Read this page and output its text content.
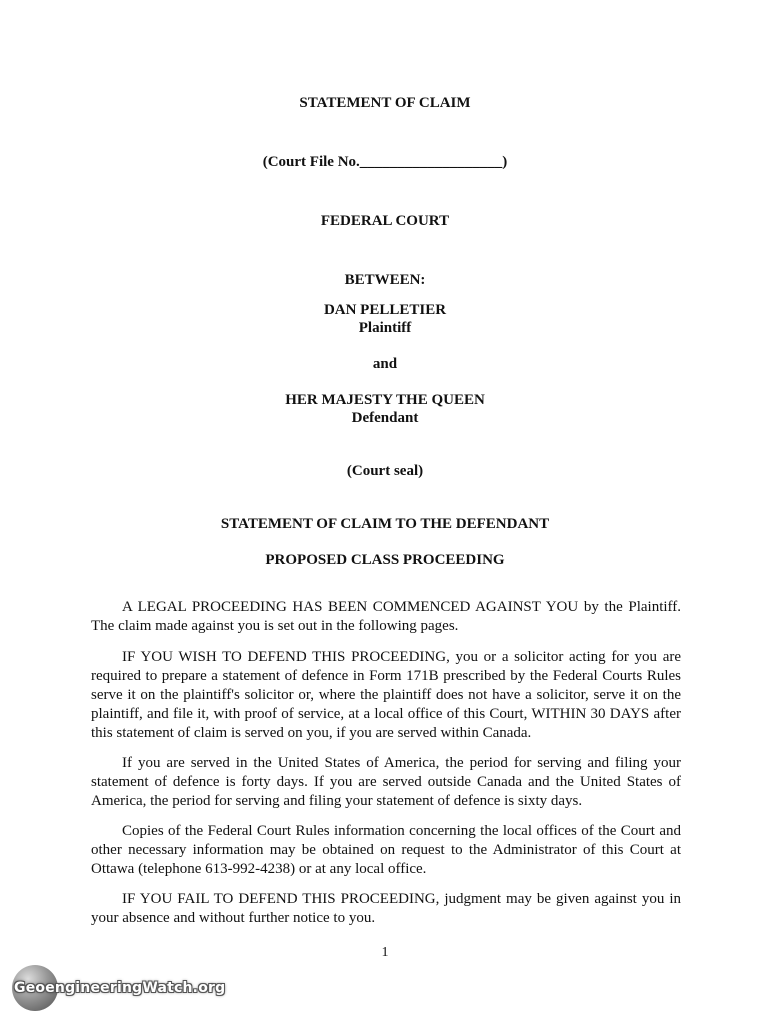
STATEMENT OF CLAIM
(Court File No.___________________)
FEDERAL COURT
BETWEEN:
DAN PELLETIER
Plaintiff
and
HER MAJESTY THE QUEEN
Defendant
(Court seal)
STATEMENT OF CLAIM TO THE DEFENDANT
PROPOSED CLASS PROCEEDING
A LEGAL PROCEEDING HAS BEEN COMMENCED AGAINST YOU by the Plaintiff. The claim made against you is set out in the following pages.
IF YOU WISH TO DEFEND THIS PROCEEDING, you or a solicitor acting for you are required to prepare a statement of defence in Form 171B prescribed by the Federal Courts Rules serve it on the plaintiff's solicitor or, where the plaintiff does not have a solicitor, serve it on the plaintiff, and file it, with proof of service, at a local office of this Court, WITHIN 30 DAYS after this statement of claim is served on you, if you are served within Canada.
If you are served in the United States of America, the period for serving and filing your statement of defence is forty days. If you are served outside Canada and the United States of America, the period for serving and filing your statement of defence is sixty days.
Copies of the Federal Court Rules information concerning the local offices of the Court and other necessary information may be obtained on request to the Administrator of this Court at Ottawa (telephone 613-992-4238) or at any local office.
IF YOU FAIL TO DEFEND THIS PROCEEDING, judgment may be given against you in your absence and without further notice to you.
1
GeoengineeringWatch.org
